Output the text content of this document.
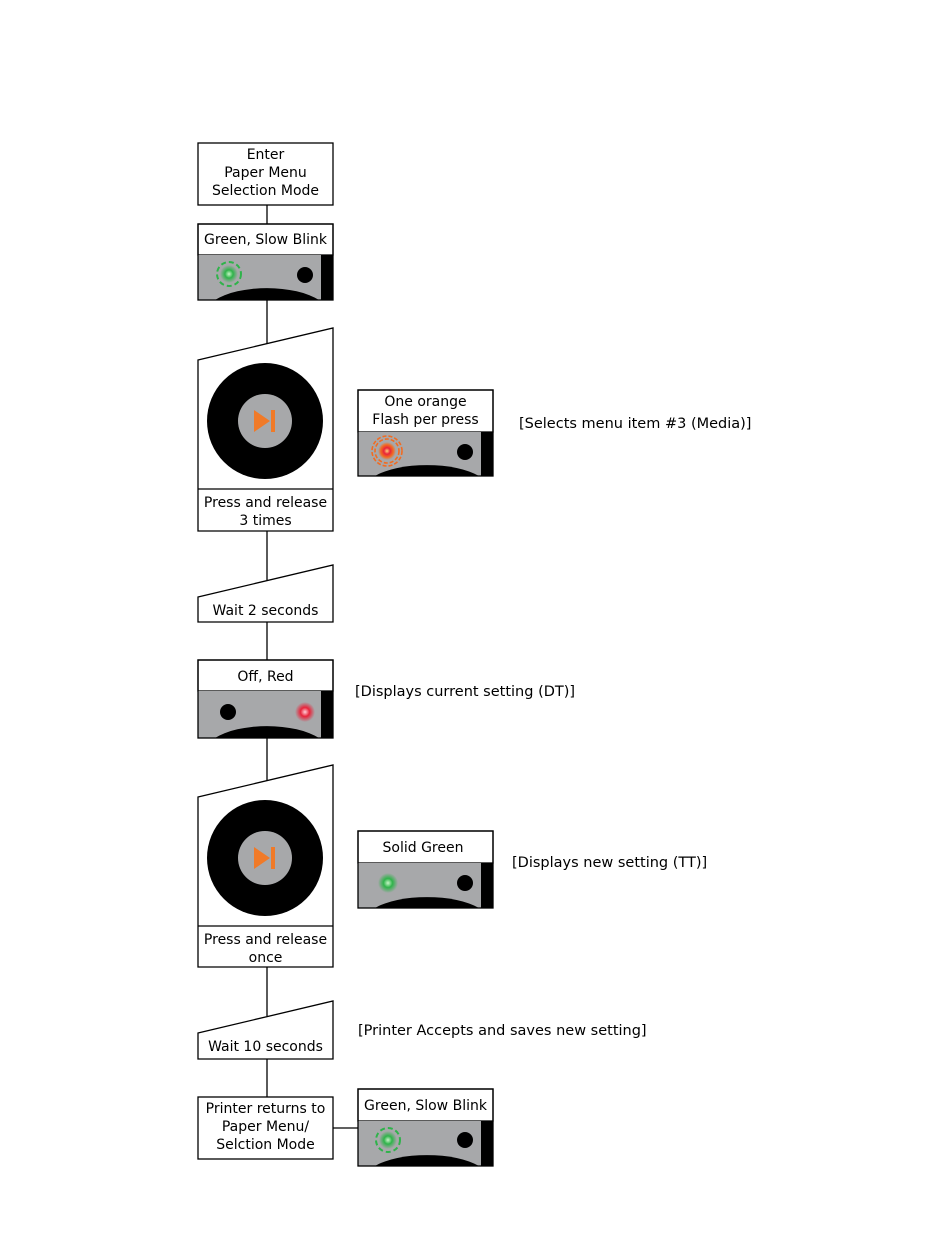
Enter
Paper Menu
Selection Mode
Green, Slow Blink
Press and release
3 times
One orange
Flash per press	[Selects menu item #3 (Media)]
Wait 2 seconds
Off, Red
[Displays current setting (DT)]
Press and release
once
Solid Green
[Displays new setting (TT)]
Wait 10 seconds
[Printer Accepts and saves new setting]
Printer returns to
Paper Menu/
Selction Mode
Green, Slow Blink
